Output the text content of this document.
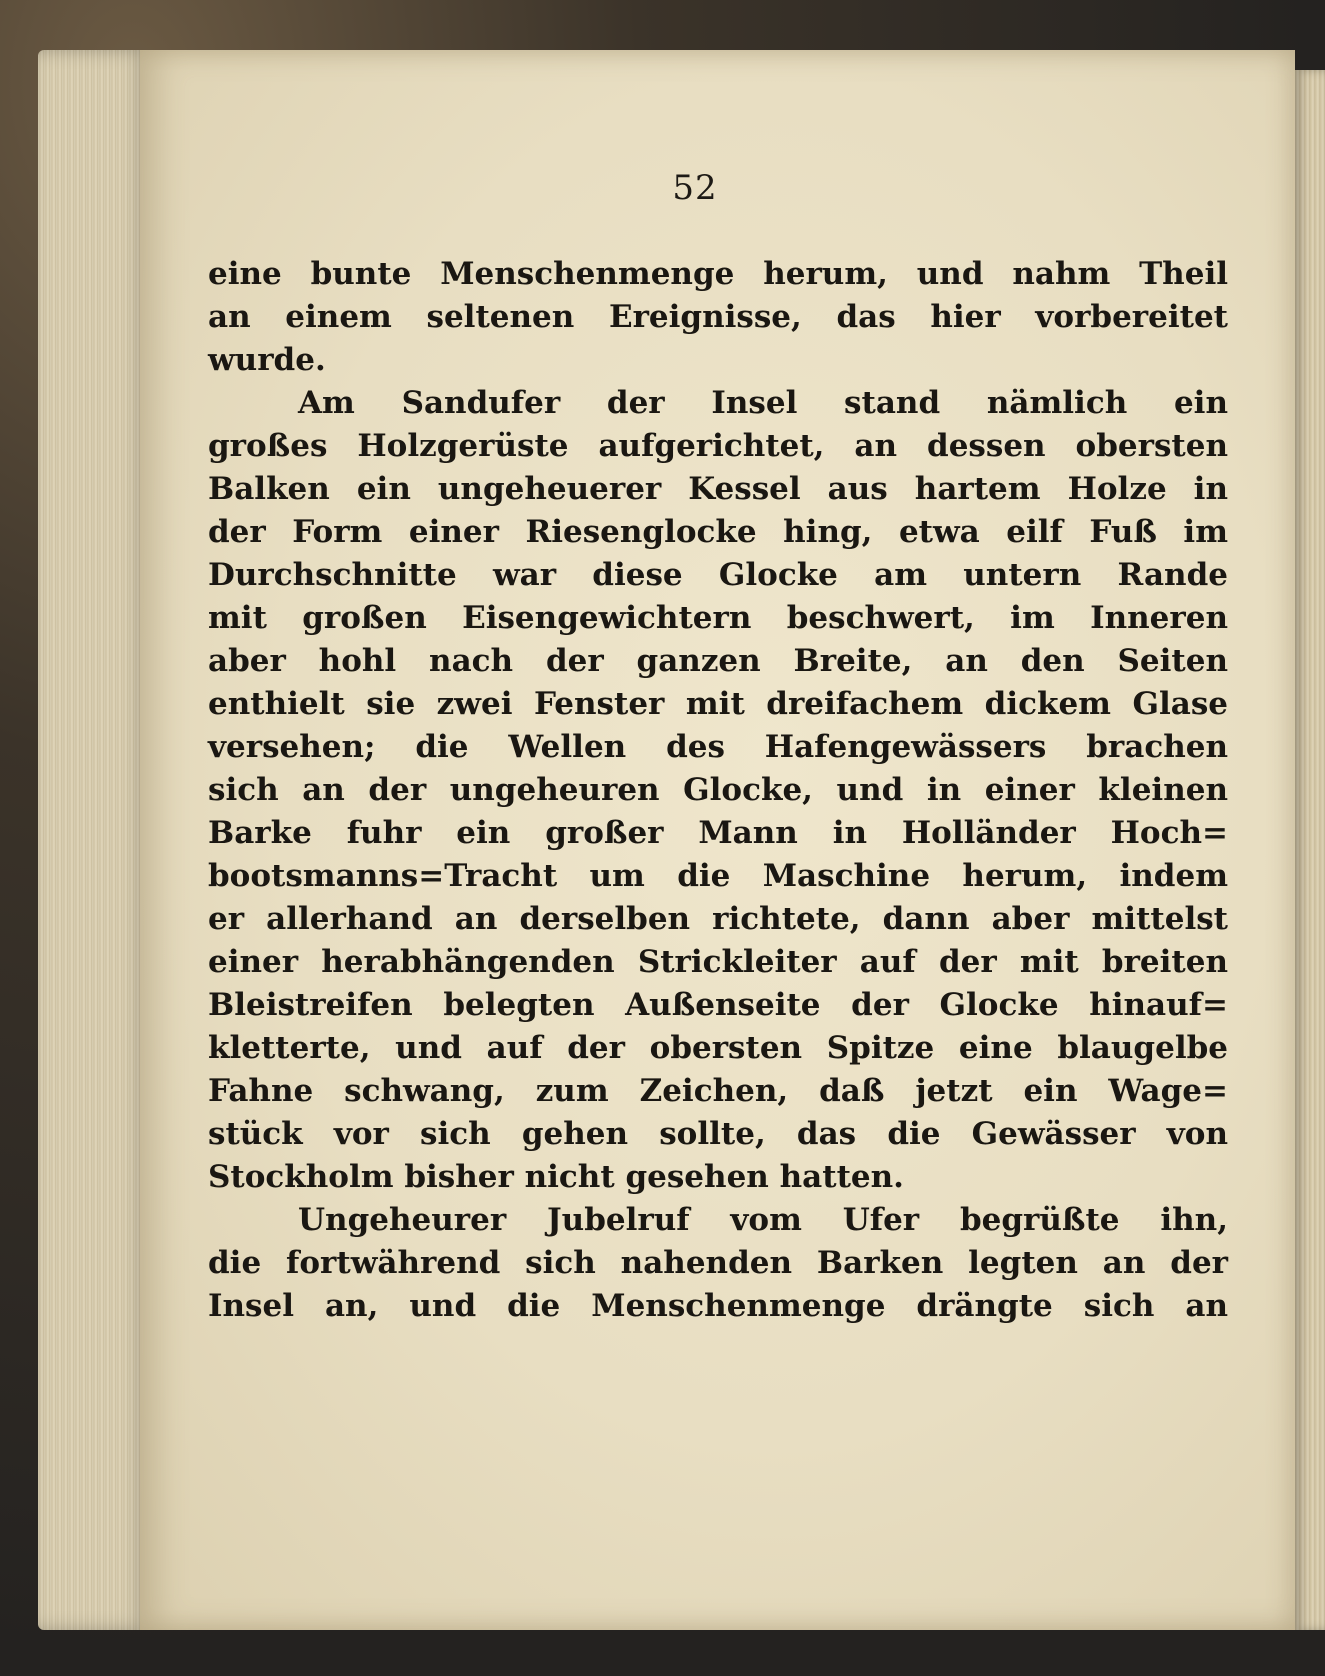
52
eine bunte Menschenmenge herum, und nahm Theil
an einem seltenen Ereignisse, das hier vorbereitet
wurde.
Am Sandufer der Insel stand nämlich ein
großes Holzgerüste aufgerichtet, an dessen obersten
Balken ein ungeheuerer Kessel aus hartem Holze in
der Form einer Riesenglocke hing, etwa eilf Fuß im
Durchschnitte war diese Glocke am untern Rande
mit großen Eisengewichtern beschwert, im Inneren
aber hohl nach der ganzen Breite, an den Seiten
enthielt sie zwei Fenster mit dreifachem dickem Glase
versehen; die Wellen des Hafengewässers brachen
sich an der ungeheuren Glocke, und in einer kleinen
Barke fuhr ein großer Mann in Holländer Hoch=
bootsmanns=Tracht um die Maschine herum, indem
er allerhand an derselben richtete, dann aber mittelst
einer herabhängenden Strickleiter auf der mit breiten
Bleistreifen belegten Außenseite der Glocke hinauf=
kletterte, und auf der obersten Spitze eine blaugelbe
Fahne schwang, zum Zeichen, daß jetzt ein Wage=
stück vor sich gehen sollte, das die Gewässer von
Stockholm bisher nicht gesehen hatten.
Ungeheurer Jubelruf vom Ufer begrüßte ihn,
die fortwährend sich nahenden Barken legten an der
Insel an, und die Menschenmenge drängte sich an
